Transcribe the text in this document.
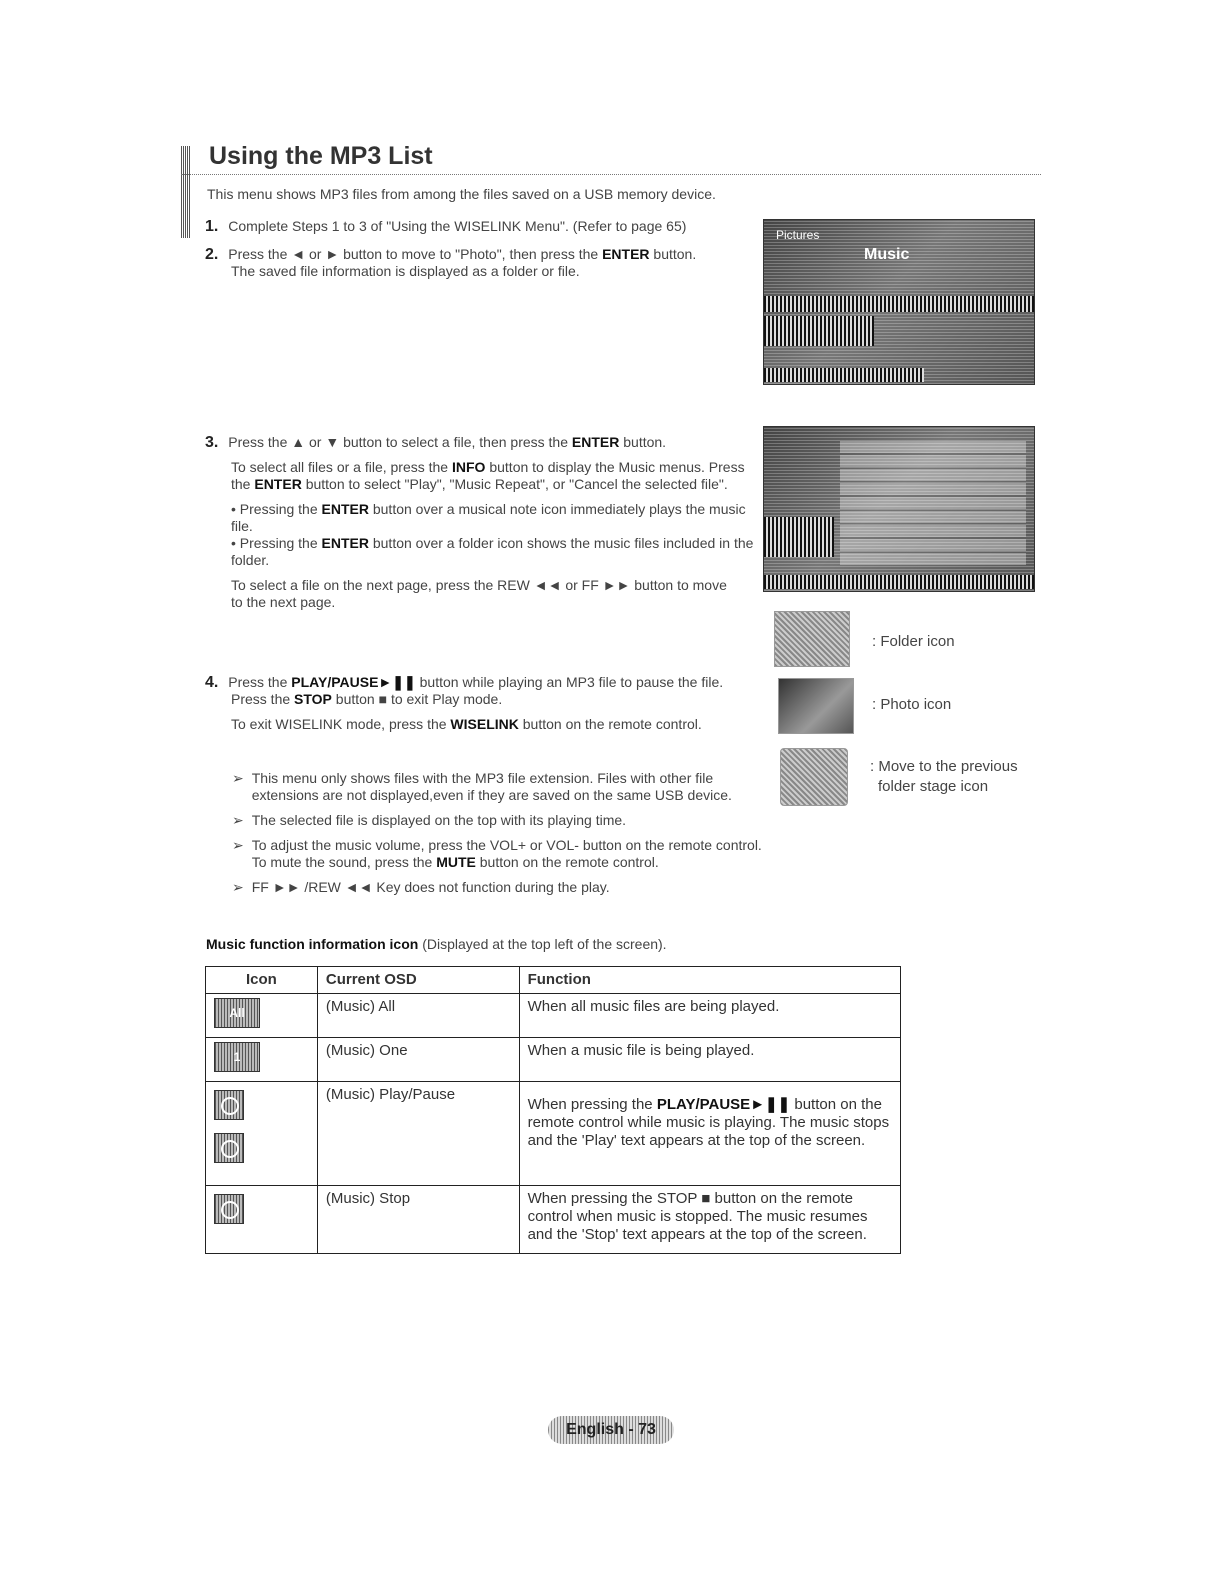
Using the MP3 List
This menu shows MP3 files from among the files saved on a USB memory device.
1. Complete Steps 1 to 3 of "Using the WISELINK Menu". (Refer to page 65)
2. Press the ◄ or ► button to move to "Photo", then press the ENTER button.
The saved file information is displayed as a folder or file.
Pictures
Music

3. Press the ▲ or ▼ button to select a file, then press the ENTER button.

To select all files or a file, press the INFO button to display the Music menus. Press the ENTER button to select "Play", "Music Repeat", or "Cancel the selected file".

• Pressing the ENTER button over a musical note icon immediately plays the music file.

• Pressing the ENTER button over a folder icon shows the music files included in the folder.

To select a file on the next page, press the REW ◄◄ or FF ►► button to move to the next page.

: Folder icon
: Photo icon
: Move to the previous
folder stage icon
4. Press the PLAY/PAUSE►❚❚ button while playing an MP3 file to pause the file.

Press the STOP button ■ to exit Play mode.

To exit WISELINK mode, press the WISELINK button on the remote control.

➢ This menu only shows files with the MP3 file extension. Files with other file extensions are not displayed,even if they are saved on the same USB device.
➢ The selected file is displayed on the top with its playing time.
➢ To adjust the music volume, press the VOL+ or VOL- button on the remote control. To mute the sound, press the MUTE button on the remote control.
➢ FF ►► /REW ◄◄ Key does not function during the play.
Music function information icon (Displayed at the top left of the screen).
Icon	Current OSD	Function

All	(Music) All	When all music files are being played.

1	(Music) One	When a music file is being played.

	(Music) Play/Pause	When pressing the PLAY/PAUSE►❚❚ button on the remote control while music is playing. The music stops and the 'Play' text appears at the top of the screen.
	(Music) Stop	When pressing the STOP ■ button on the remote control when music is stopped. The music resumes and the 'Stop' text appears at the top of the screen.
English - 73
